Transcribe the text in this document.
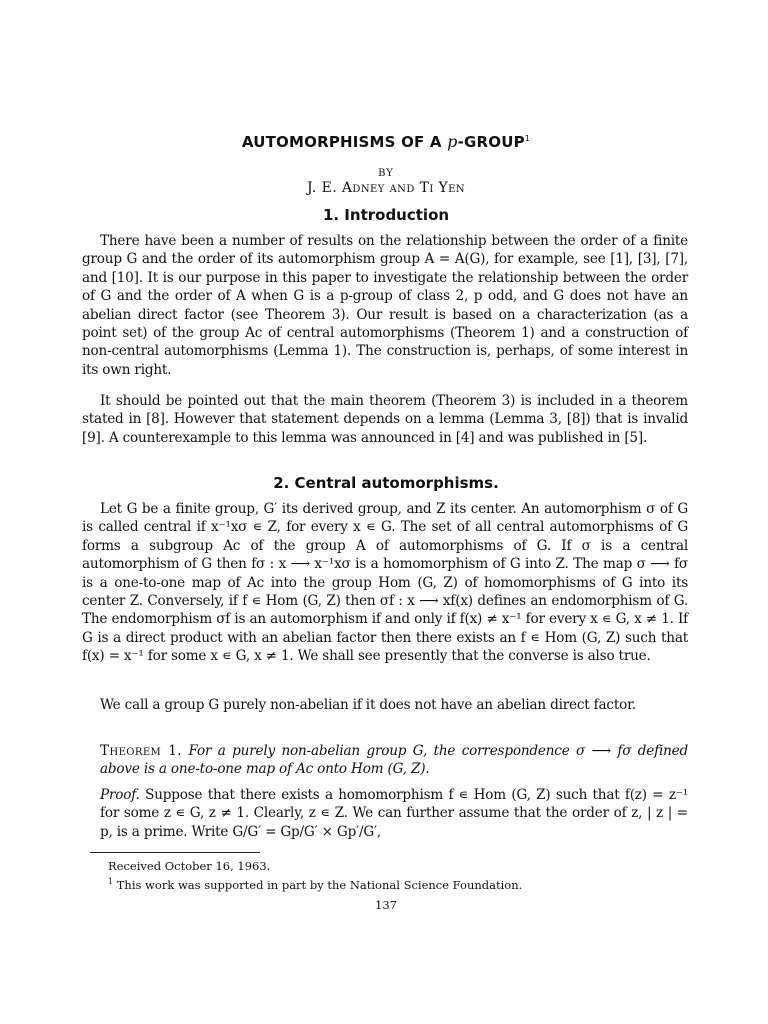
AUTOMORPHISMS OF A p-GROUP$^1$
BY
J. E. Adney and Ti Yen
1. Introduction

There have been a number of results on the relationship between the order of a finite group G and the order of its automorphism group A = A(G), for example, see [1], [3], [7], and [10]. It is our purpose in this paper to investigate the relationship between the order of G and the order of A when G is a p-group of class 2, p odd, and G does not have an abelian direct factor (see Theorem 3). Our result is based on a characterization (as a point set) of the group Ac of central automorphisms (Theorem 1) and a construction of non-central automorphisms (Lemma 1). The construction is, perhaps, of some interest in its own right.

It should be pointed out that the main theorem (Theorem 3) is included in a theorem stated in [8]. However that statement depends on a lemma (Lemma 3, [8]) that is invalid [9]. A counterexample to this lemma was announced in [4] and was published in [5].

2. Central automorphisms.

Let G be a finite group, G′ its derived group, and Z its center. An automorphism σ of G is called central if x⁻¹xσ ∊ Z, for every x ∊ G. The set of all central automorphisms of G forms a subgroup Ac of the group A of automorphisms of G. If σ is a central automorphism of G then fσ : x ⟶ x⁻¹xσ is a homomorphism of G into Z. The map σ ⟶ fσ is a one-to-one map of Ac into the group Hom (G, Z) of homomorphisms of G into its center Z. Conversely, if f ∊ Hom (G, Z) then σf : x ⟶ xf(x) defines an endomorphism of G. The endomorphism σf is an automorphism if and only if f(x) ≠ x⁻¹ for every x ∊ G, x ≠ 1. If G is a direct product with an abelian factor then there exists an f ∊ Hom (G, Z) such that f(x) = x⁻¹ for some x ∊ G, x ≠ 1. We shall see presently that the converse is also true.

We call a group G purely non-abelian if it does not have an abelian direct factor.

Theorem 1. For a purely non-abelian group G, the correspondence σ ⟶ fσ defined above is a one-to-one map of Ac onto Hom (G, Z).

Proof. Suppose that there exists a homomorphism f ∊ Hom (G, Z) such that f(z) = z⁻¹ for some z ∊ G, z ≠ 1. Clearly, z ∊ Z. We can further assume that the order of z, | z | = p, is a prime. Write G/G′ = Gp/G′ × Gp′/G′,

Received October 16, 1963.
$^1$ This work was supported in part by the National Science Foundation.
137
